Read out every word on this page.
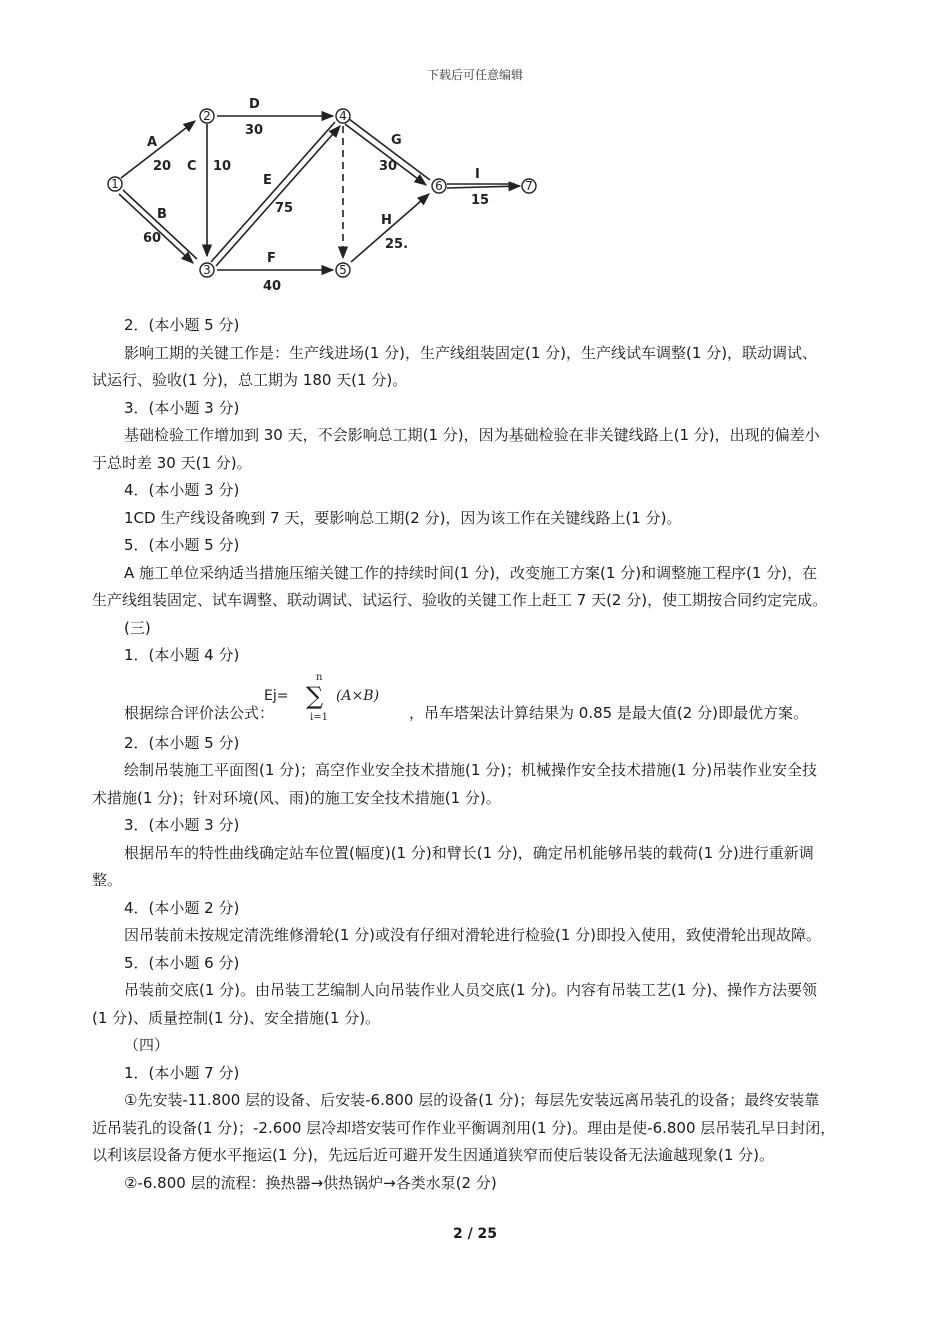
下载后可任意编辑
1
2
3
4
5
6	7
A
20
B
60
C 10
D
30
E
75
F
40
G
30
H
25.
I
15
2．(本小题 5 分)
影响工期的关键工作是：生产线进场(1 分)，生产线组装固定(1 分)，生产线试车调整(1 分)，联动调试、
试运行、验收(1 分)，总工期为 180 天(1 分)。
3．(本小题 3 分)
基础检验工作增加到 30 天，不会影响总工期(1 分)，因为基础检验在非关键线路上(1 分)，出现的偏差小
于总时差 30 天(1 分)。
4．(本小题 3 分)
1CD 生产线设备晚到 7 天，要影响总工期(2 分)，因为该工作在关键线路上(1 分)。
5．(本小题 5 分)
A 施工单位采纳适当措施压缩关键工作的持续时间(1 分)，改变施工方案(1 分)和调整施工程序(1 分)，在
生产线组装固定、试车调整、联动调试、试运行、验收的关键工作上赶工 7 天(2 分)，使工期按合同约定完成。
(三)
1．(本小题 4 分)
根据综合评价法公式：
Ej=
n
∑
i=1
(A×B)
，吊车塔架法计算结果为 0.85 是最大值(2 分)即最优方案。
2．(本小题 5 分)
绘制吊装施工平面图(1 分)；高空作业安全技术措施(1 分)；机械操作安全技术措施(1 分)吊装作业安全技
术措施(1 分)；针对环境(风、雨)的施工安全技术措施(1 分)。
3．(本小题 3 分)
根据吊车的特性曲线确定站车位置(幅度)(1 分)和臂长(1 分)，确定吊机能够吊装的载荷(1 分)进行重新调
整。
4．(本小题 2 分)
因吊装前未按规定清洗维修滑轮(1 分)或没有仔细对滑轮进行检验(1 分)即投入使用，致使滑轮出现故障。
5．(本小题 6 分)
吊装前交底(1 分)。由吊装工艺编制人向吊装作业人员交底(1 分)。内容有吊装工艺(1 分)、操作方法要领
(1 分)、质量控制(1 分)、安全措施(1 分)。
（四）
1．(本小题 7 分)
①先安装-11.800 层的设备、后安装-6.800 层的设备(1 分)；每层先安装远离吊装孔的设备；最终安装靠
近吊装孔的设备(1 分)；-2.600 层冷却塔安装可作作业平衡调剂用(1 分)。理由是使-6.800 层吊装孔早日封闭，
以利该层设备方便水平拖运(1 分)，先远后近可避开发生因通道狭窄而使后装设备无法逾越现象(1 分)。
②-6.800 层的流程：换热器→供热锅炉→各类水泵(2 分)
2 / 25
